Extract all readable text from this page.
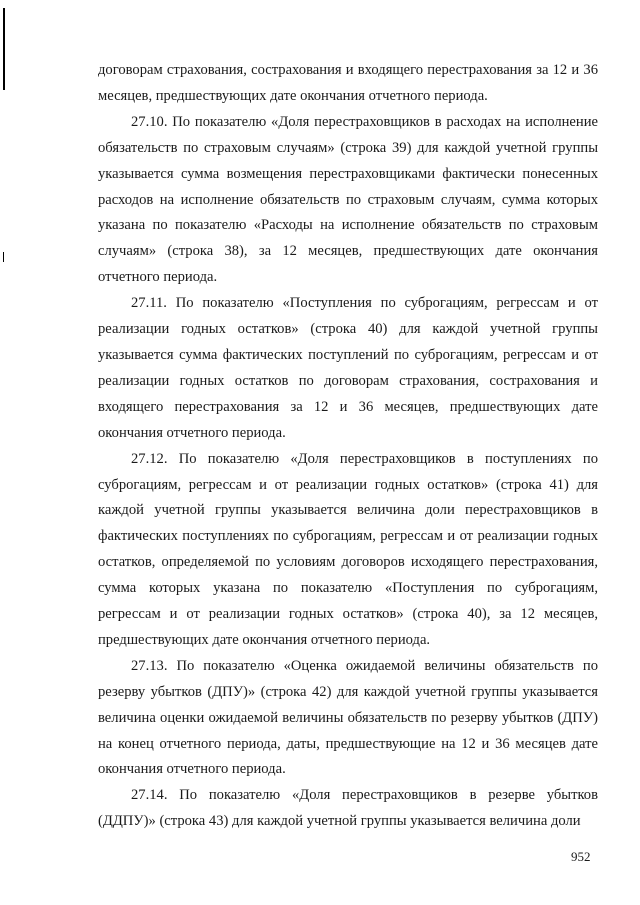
договорам страхования, сострахования и входящего перестрахования за 12 и 36 месяцев, предшествующих дате окончания отчетного периода.

27.10. По показателю «Доля перестраховщиков в расходах на исполнение обязательств по страховым случаям» (строка 39) для каждой учетной группы указывается сумма возмещения перестраховщиками фактически понесенных расходов на исполнение обязательств по страховым случаям, сумма которых указана по показателю «Расходы на исполнение обязательств по страховым случаям» (строка 38), за 12 месяцев, предшествующих дате окончания отчетного периода.

27.11. По показателю «Поступления по суброгациям, регрессам и от реализации годных остатков» (строка 40) для каждой учетной группы указывается сумма фактических поступлений по суброгациям, регрессам и от реализации годных остатков по договорам страхования, сострахования и входящего перестрахования за 12 и 36 месяцев, предшествующих дате окончания отчетного периода.

27.12. По показателю «Доля перестраховщиков в поступлениях по суброгациям, регрессам и от реализации годных остатков» (строка 41) для каждой учетной группы указывается величина доли перестраховщиков в фактических поступлениях по суброгациям, регрессам и от реализации годных остатков, определяемой по условиям договоров исходящего перестрахования, сумма которых указана по показателю «Поступления по суброгациям, регрессам и от реализации годных остатков» (строка 40), за 12 месяцев, предшествующих дате окончания отчетного периода.

27.13. По показателю «Оценка ожидаемой величины обязательств по резерву убытков (ДПУ)» (строка 42) для каждой учетной группы указывается величина оценки ожидаемой величины обязательств по резерву убытков (ДПУ) на конец отчетного периода, даты, предшествующие на 12 и 36 месяцев дате окончания отчетного периода.

27.14. По показателю «Доля перестраховщиков в резерве убытков (ДДПУ)» (строка 43) для каждой учетной группы указывается величина доли

952
